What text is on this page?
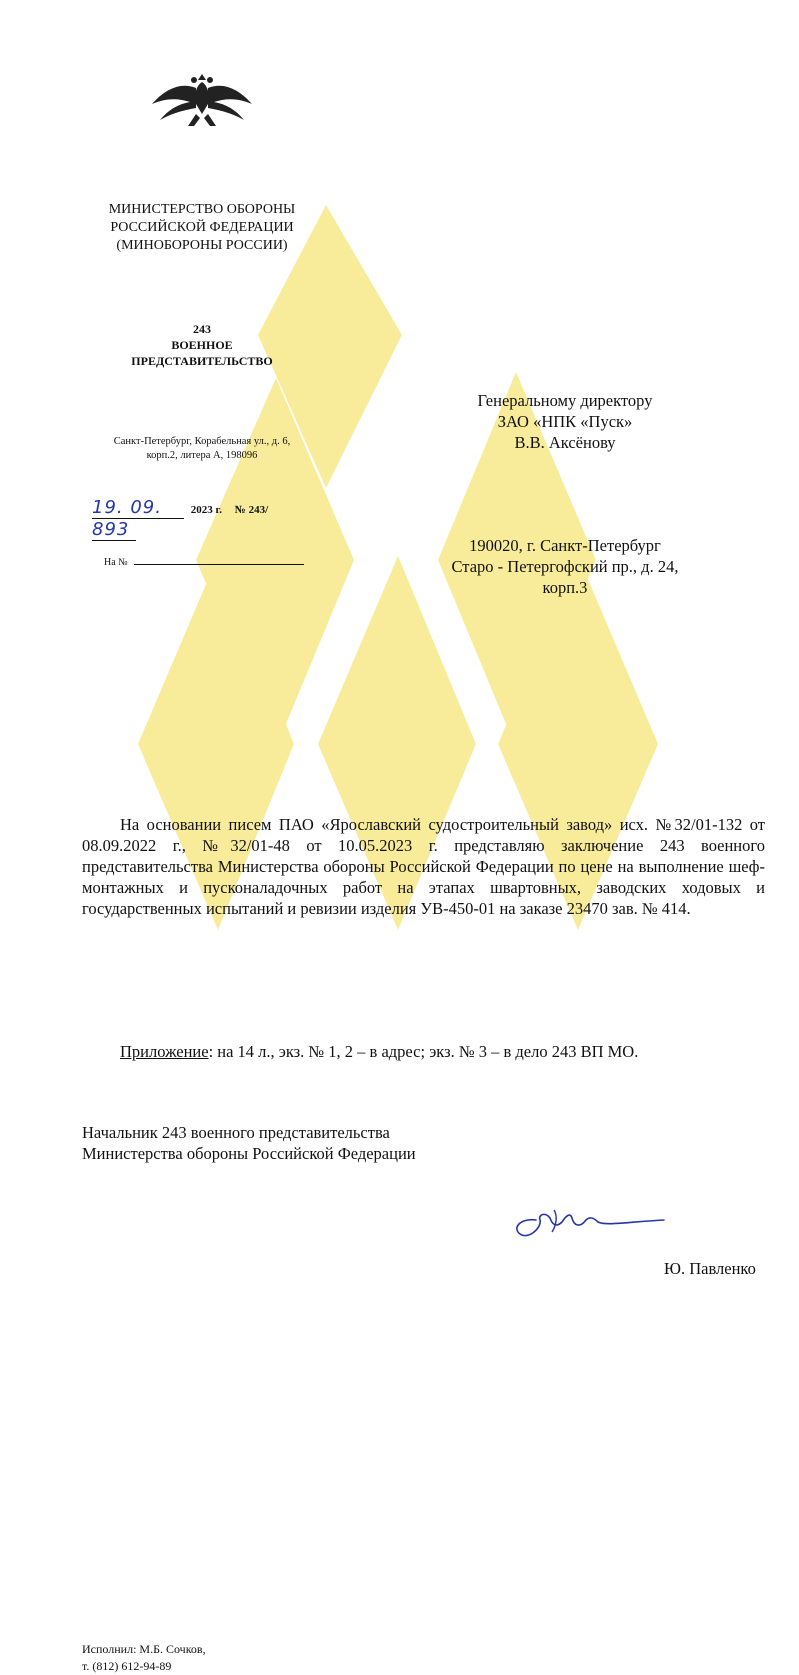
МИНИСТЕРСТВО ОБОРОНЫ
РОССИЙСКОЙ ФЕДЕРАЦИИ
(МИНОБОРОНЫ РОССИИ)
243
ВОЕННОЕ
ПРЕДСТАВИТЕЛЬСТВО
Санкт-Петербург, Корабельная ул., д. 6,
корп.2, литера А, 198096
19. 09.	2023 г. № 243/893
На №
Генеральному директору
ЗАО «НПК «Пуск»
В.В. Аксёнову
190020, г. Санкт-Петербург
Старо - Петергофский пр., д. 24,
корп.3
На основании писем ПАО «Ярославский судостроительный завод» исх. №32/01-132 от 08.09.2022 г., №32/01-48 от 10.05.2023 г. представляю заключение 243 военного представительства Министерства обороны Российской Федерации по цене на выполнение шеф-монтажных и пусконаладочных работ на этапах швартовных, заводских ходовых и государственных испытаний и ревизии изделия УВ-450-01 на заказе 23470 зав. № 414.
Приложение: на 14 л., экз. № 1, 2 – в адрес; экз. № 3 – в дело 243 ВП МО.
Начальник 243 военного представительства
Министерства обороны Российской Федерации
Ю. Павленко
Исполнил: М.Б. Сочков,
т. (812) 612-94-89
